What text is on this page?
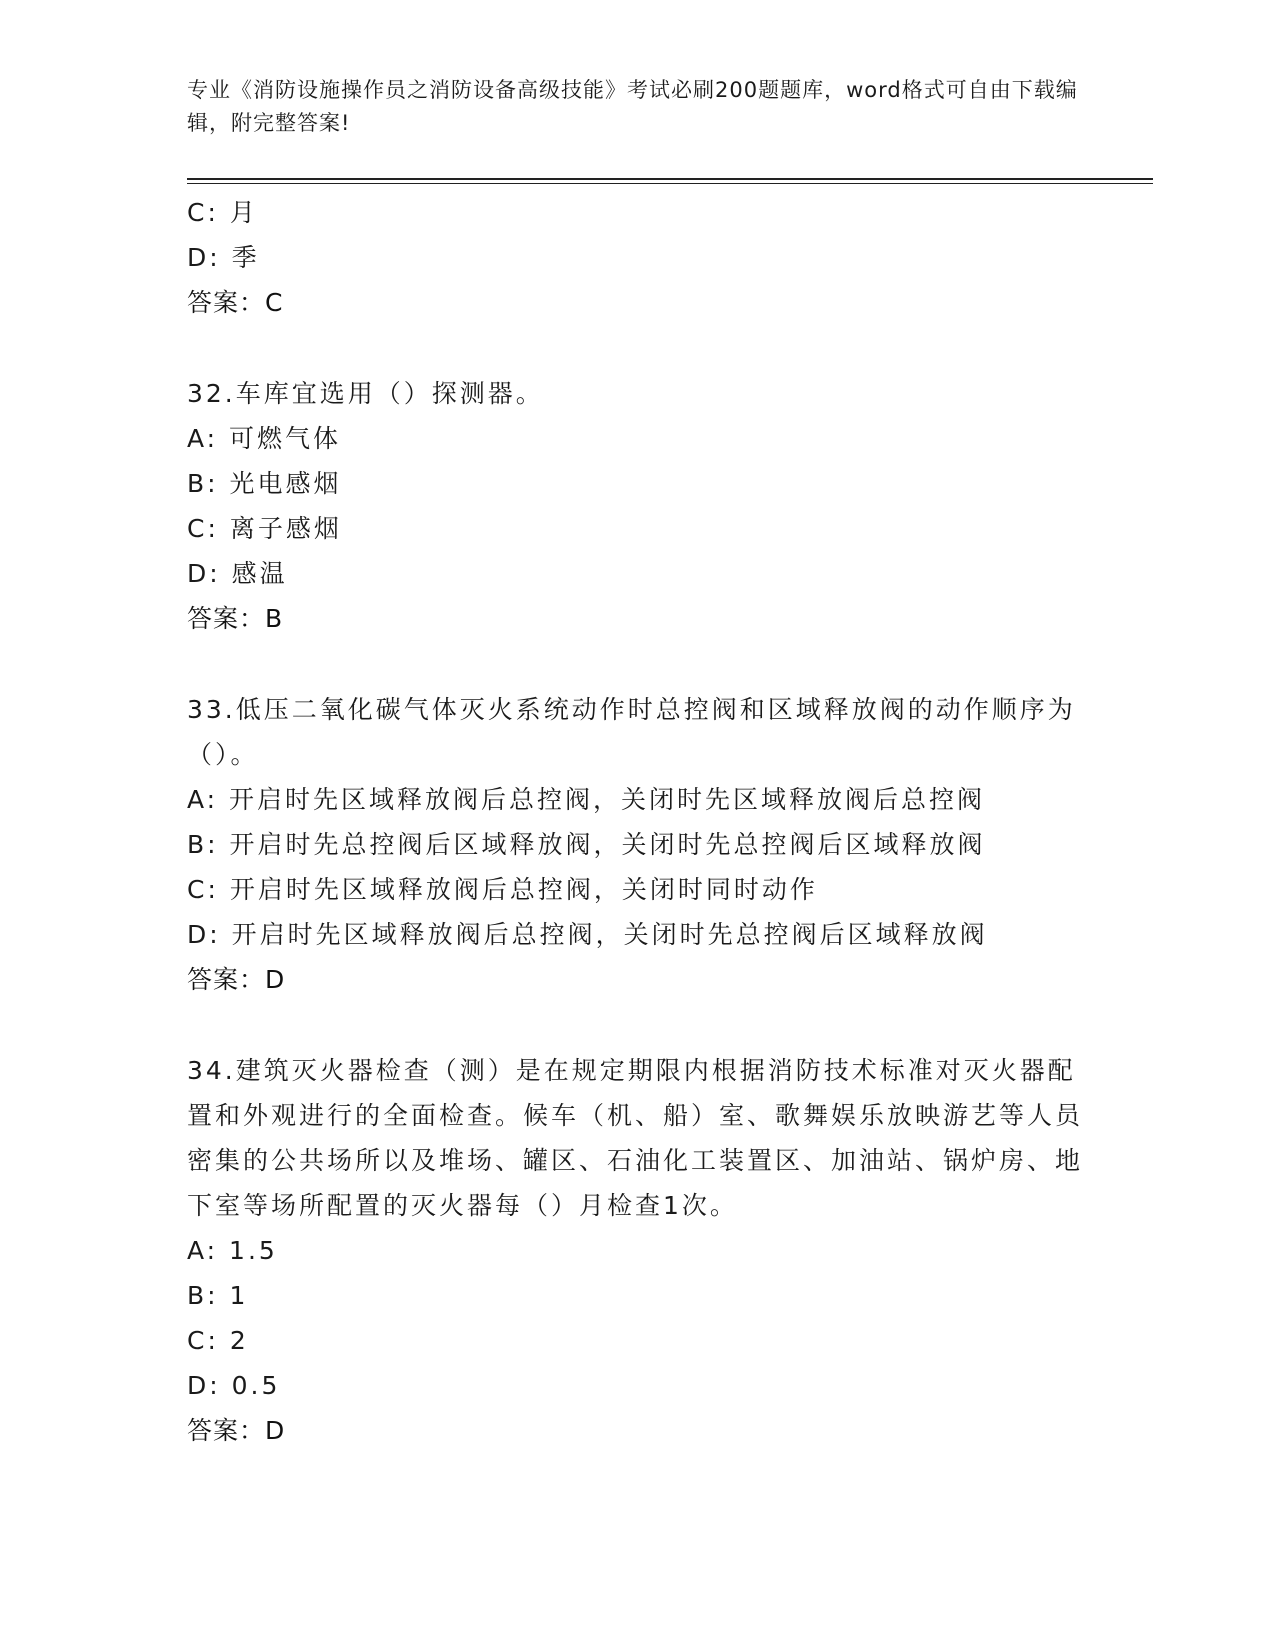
专业《消防设施操作员之消防设备高级技能》考试必刷200题题库，word格式可自由下载编辑，附完整答案!
C: 月
D: 季
答案：C
32.车库宜选用（）探测器。
A: 可燃气体
B: 光电感烟
C: 离子感烟
D: 感温
答案：B
33.低压二氧化碳气体灭火系统动作时总控阀和区域释放阀的动作顺序为（）。
A: 开启时先区域释放阀后总控阀，关闭时先区域释放阀后总控阀
B: 开启时先总控阀后区域释放阀，关闭时先总控阀后区域释放阀
C: 开启时先区域释放阀后总控阀，关闭时同时动作
D: 开启时先区域释放阀后总控阀，关闭时先总控阀后区域释放阀
答案：D
34.建筑灭火器检查（测）是在规定期限内根据消防技术标准对灭火器配置和外观进行的全面检查。候车（机、船）室、歌舞娱乐放映游艺等人员密集的公共场所以及堆场、罐区、石油化工装置区、加油站、锅炉房、地下室等场所配置的灭火器每（）月检查1次。
A: 1.5
B: 1
C: 2
D: 0.5
答案：D
